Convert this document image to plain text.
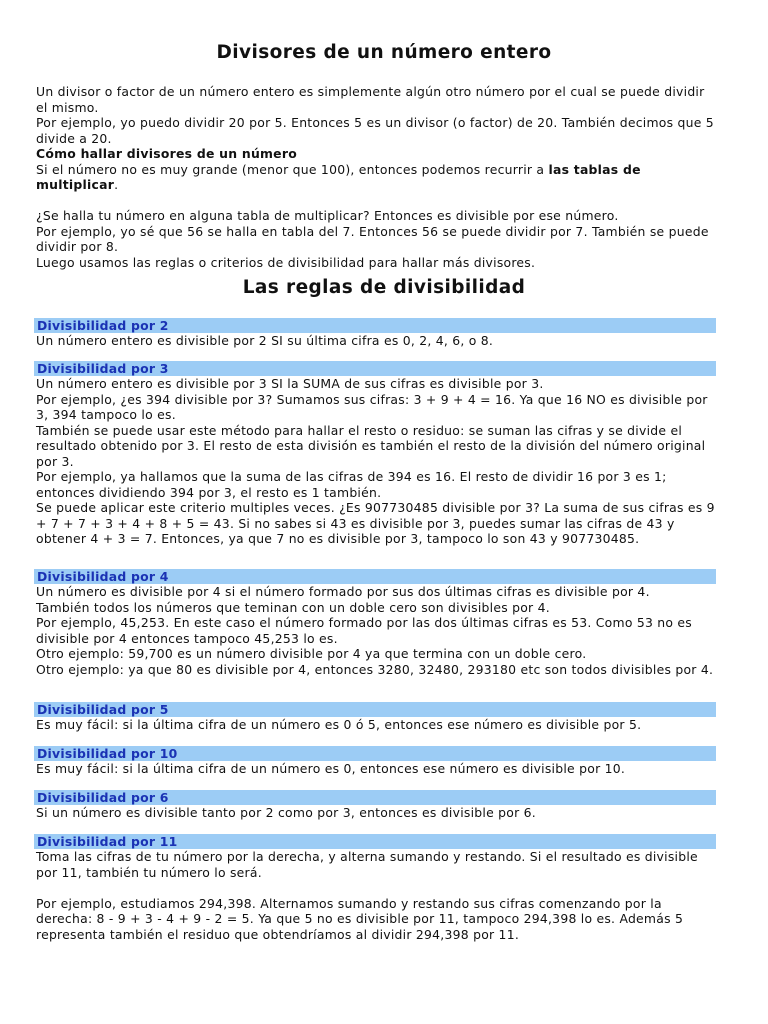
Divisores de un número entero

Un divisor o factor de un número entero es simplemente algún otro número por el cual se puede dividir el mismo.

Por ejemplo, yo puedo dividir 20 por 5. Entonces 5 es un divisor (o factor) de 20. También decimos que 5 divide a 20.

Cómo hallar divisores de un número

Si el número no es muy grande (menor que 100), entonces podemos recurrir a las tablas de multiplicar.

¿Se halla tu número en alguna tabla de multiplicar? Entonces es divisible por ese número.

Por ejemplo, yo sé que 56 se halla en tabla del 7. Entonces 56 se puede dividir por 7. También se puede dividir por 8.

Luego usamos las reglas o criterios de divisibilidad para hallar más divisores.

Las reglas de divisibilidad
Divisibilidad por 2

Un número entero es divisible por 2 SI su última cifra es 0, 2, 4, 6, o 8.

Divisibilidad por 3

Un número entero es divisible por 3 SI la SUMA de sus cifras es divisible por 3.

Por ejemplo, ¿es 394 divisible por 3? Sumamos sus cifras: 3 + 9 + 4 = 16. Ya que 16 NO es divisible por 3, 394 tampoco lo es.

También se puede usar este método para hallar el resto o residuo: se suman las cifras y se divide el resultado obtenido por 3. El resto de esta división es también el resto de la división del número original por 3.

Por ejemplo, ya hallamos que la suma de las cifras de 394 es 16. El resto de dividir 16 por 3 es 1; entonces dividiendo 394 por 3, el resto es 1 también.

Se puede aplicar este criterio multiples veces. ¿Es 907730485 divisible por 3? La suma de sus cifras es 9 + 7 + 7 + 3 + 4 + 8 + 5 = 43. Si no sabes si 43 es divisible por 3, puedes sumar las cifras de 43 y obtener 4 + 3 = 7. Entonces, ya que 7 no es divisible por 3, tampoco lo son 43 y 907730485.

Divisibilidad por 4

Un número es divisible por 4 si el número formado por sus dos últimas cifras es divisible por 4.

También todos los números que teminan con un doble cero son divisibles por 4.

Por ejemplo, 45,253. En este caso el número formado por las dos últimas cifras es 53. Como 53 no es divisible por 4 entonces tampoco 45,253 lo es.

Otro ejemplo: 59,700 es un número divisible por 4 ya que termina con un doble cero.

Otro ejemplo: ya que 80 es divisible por 4, entonces 3280, 32480, 293180 etc son todos divisibles por 4.

Divisibilidad por 5

Es muy fácil: si la última cifra de un número es 0 ó 5, entonces ese número es divisible por 5.

Divisibilidad por 10

Es muy fácil: si la última cifra de un número es 0, entonces ese número es divisible por 10.

Divisibilidad por 6

Si un número es divisible tanto por 2 como por 3, entonces es divisible por 6.

Divisibilidad por 11

Toma las cifras de tu número por la derecha, y alterna sumando y restando. Si el resultado es divisible por 11, también tu número lo será.

Por ejemplo, estudiamos 294,398. Alternamos sumando y restando sus cifras comenzando por la derecha: 8 - 9 + 3 - 4 + 9 - 2 = 5. Ya que 5 no es divisible por 11, tampoco 294,398 lo es. Además 5 representa también el residuo que obtendríamos al dividir 294,398 por 11.
